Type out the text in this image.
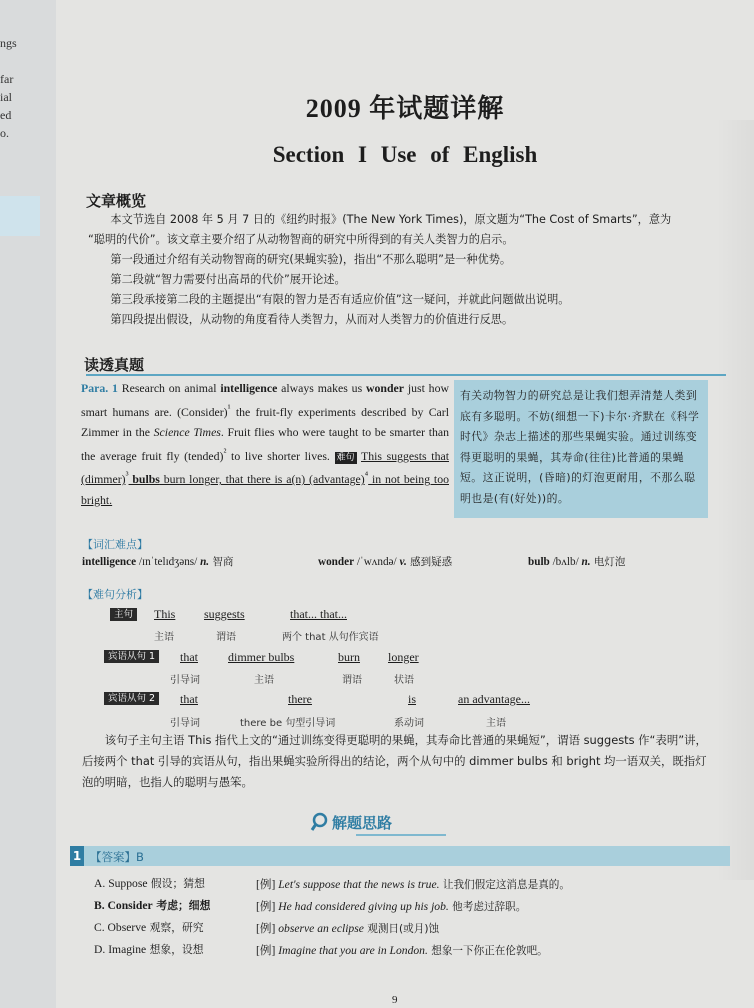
ngs
far
ial
ed
o.
2009 年试题详解
Section I Use of English
文章概览

本文节选自 2008 年 5 月 7 日的《纽约时报》(The New York Times)，原文题为“The Cost of Smarts”，意为

“聪明的代价”。该文章主要介绍了从动物智商的研究中所得到的有关人类智力的启示。

第一段通过介绍有关动物智商的研究(果蝇实验)，指出“不那么聪明”是一种优势。

第二段就“智力需要付出高昂的代价”展开论述。

第三段承接第二段的主题提出“有限的智力是否有适应价值”这一疑问，并就此问题做出说明。

第四段提出假设，从动物的角度看待人类智力，从而对人类智力的价值进行反思。

读透真题
Para. 1 Research on animal intelligence always makes us wonder just how smart humans are. (Consider)$^{^1}$ the fruit-fly experiments described by Carl Zimmer in the Science Times. Fruit flies who were taught to be smarter than the average fruit fly (tended)$^{^2}$ to live shorter lives. 难句 This suggests that (dimmer)$^{^3}$ bulbs burn longer, that there is a(n) (advantage)$^{^4}$ in not being too bright.
有关动物智力的研究总是让我们想弄清楚人类到底有多聪明。不妨(细想一下)卡尔·齐默在《科学时代》杂志上描述的那些果蝇实验。通过训练变得更聪明的果蝇，其寿命(往往)比普通的果蝇短。这正说明，(昏暗)的灯泡更耐用，不那么聪明也是(有(好处))的。
【词汇难点】
intelligence /ɪnˈtelɪdʒəns/ n. 智商	wonder /ˈwʌndə/ v. 感到疑惑	bulb /bʌlb/ n. 电灯泡
【难句分析】
主句	This suggests	that... that...
主语	谓语	两个 that 从句作宾语
宾语从句 1	that	dimmer bulbs	burn longer
引导词	主语	谓语	状语
宾语从句 2	that	there	is	an advantage...
引导词	there be 句型引导词	系动词	主语

该句子主句主语 This 指代上文的“通过训练变得更聪明的果蝇，其寿命比普通的果蝇短”，谓语 suggests 作“表明”讲，后接两个 that 引导的宾语从句，指出果蝇实验所得出的结论，两个从句中的 dimmer bulbs 和 bright 均一语双关，既指灯泡的明暗，也指人的聪明与愚笨。

解题思路
1 【答案】B
A. Suppose 假设；猜想	[例] Let's suppose that the news is true. 让我们假定这消息是真的。
B. Consider 考虑；细想	[例] He had considered giving up his job. 他考虑过辞职。
C. Observe 观察，研究	[例] observe an eclipse 观测日(或月)蚀
D. Imagine 想象，设想	[例] Imagine that you are in London. 想象一下你正在伦敦吧。
9
